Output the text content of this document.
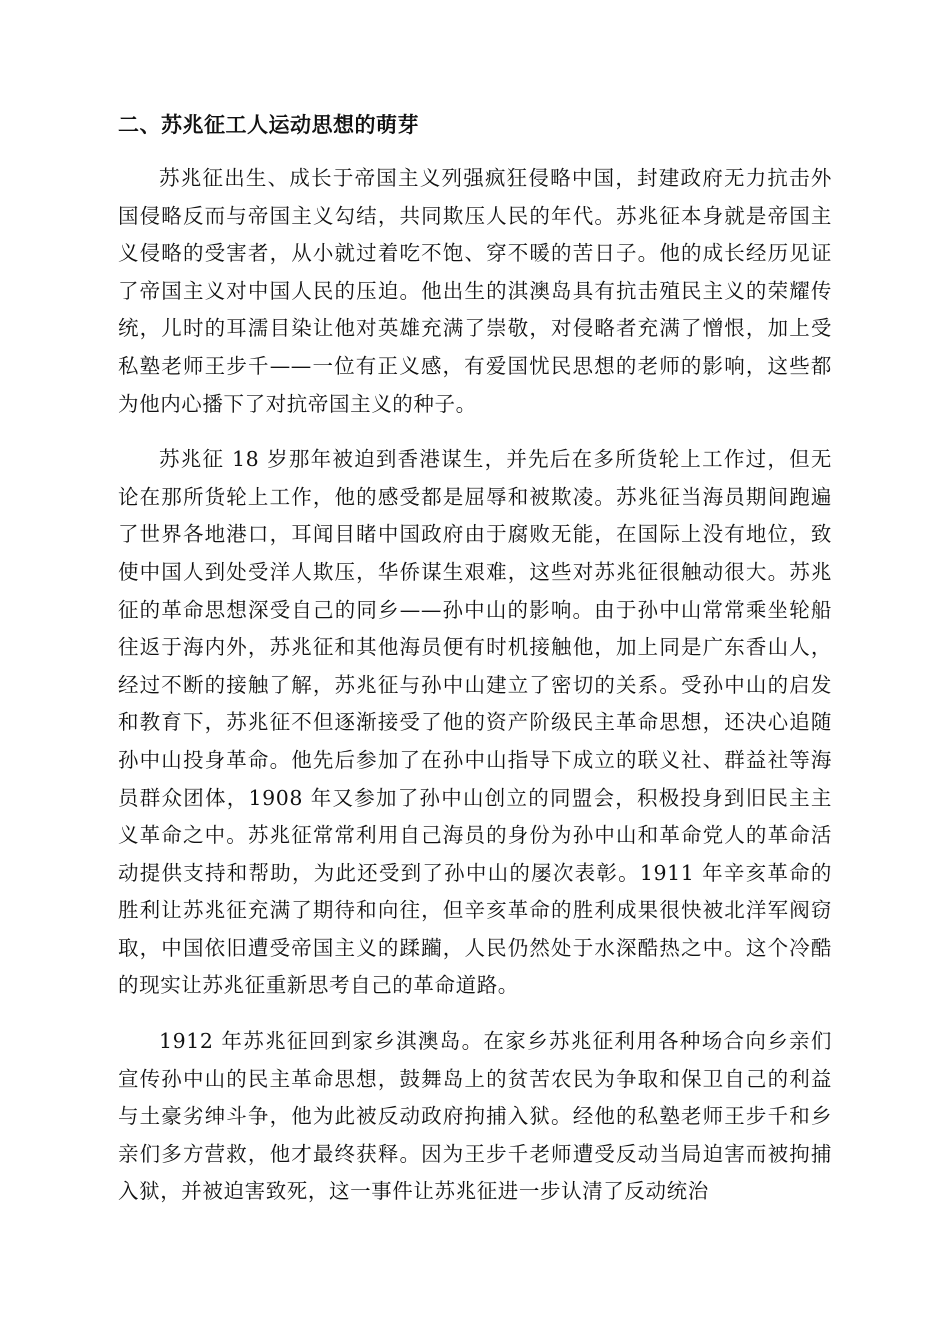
二、苏兆征工人运动思想的萌芽

苏兆征出生、成长于帝国主义列强疯狂侵略中国，封建政府无力抗击外国侵略反而与帝国主义勾结，共同欺压人民的年代。苏兆征本身就是帝国主义侵略的受害者，从小就过着吃不饱、穿不暖的苦日子。他的成长经历见证了帝国主义对中国人民的压迫。他出生的淇澳岛具有抗击殖民主义的荣耀传统，儿时的耳濡目染让他对英雄充满了崇敬，对侵略者充满了憎恨，加上受私塾老师王步千——一位有正义感，有爱国忧民思想的老师的影响，这些都为他内心播下了对抗帝国主义的种子。

苏兆征 18 岁那年被迫到香港谋生，并先后在多所货轮上工作过，但无论在那所货轮上工作，他的感受都是屈辱和被欺凌。苏兆征当海员期间跑遍了世界各地港口，耳闻目睹中国政府由于腐败无能，在国际上没有地位，致使中国人到处受洋人欺压，华侨谋生艰难，这些对苏兆征很触动很大。苏兆征的革命思想深受自己的同乡——孙中山的影响。由于孙中山常常乘坐轮船往返于海内外，苏兆征和其他海员便有时机接触他，加上同是广东香山人，经过不断的接触了解，苏兆征与孙中山建立了密切的关系。受孙中山的启发和教育下，苏兆征不但逐渐接受了他的资产阶级民主革命思想，还决心追随孙中山投身革命。他先后参加了在孙中山指导下成立的联义社、群益社等海员群众团体，1908 年又参加了孙中山创立的同盟会，积极投身到旧民主主义革命之中。苏兆征常常利用自己海员的身份为孙中山和革命党人的革命活动提供支持和帮助，为此还受到了孙中山的屡次表彰。1911 年辛亥革命的胜利让苏兆征充满了期待和向往，但辛亥革命的胜利成果很快被北洋军阀窃取，中国依旧遭受帝国主义的蹂躏，人民仍然处于水深酷热之中。这个冷酷的现实让苏兆征重新思考自己的革命道路。

1912 年苏兆征回到家乡淇澳岛。在家乡苏兆征利用各种场合向乡亲们宣传孙中山的民主革命思想，鼓舞岛上的贫苦农民为争取和保卫自己的利益与土豪劣绅斗争，他为此被反动政府拘捕入狱。经他的私塾老师王步千和乡亲们多方营救，他才最终获释。因为王步千老师遭受反动当局迫害而被拘捕入狱，并被迫害致死，这一事件让苏兆征进一步认清了反动统治
